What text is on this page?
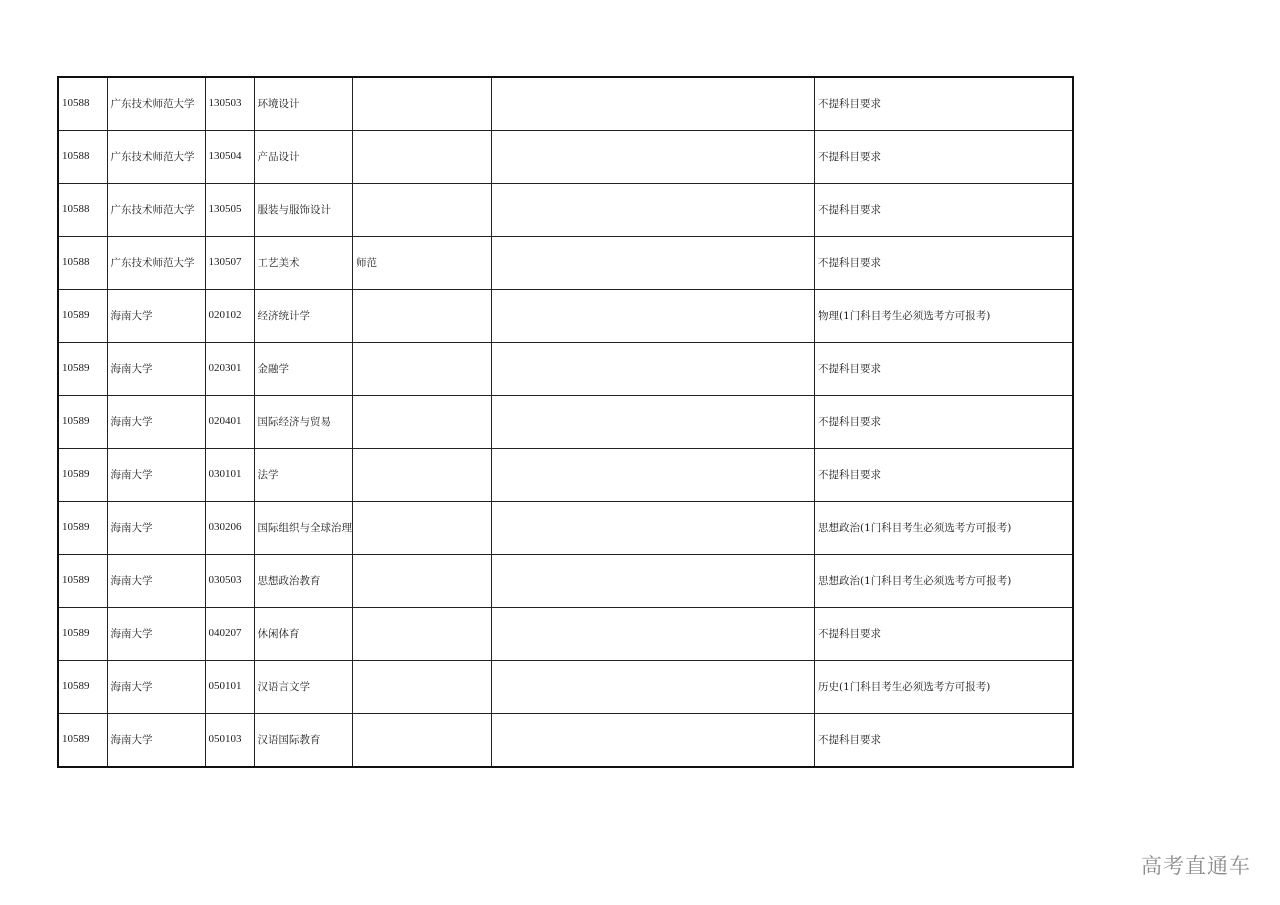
10588	广东技术师范大学	130503	环境设计			不提科目要求
10588	广东技术师范大学	130504	产品设计			不提科目要求
10588	广东技术师范大学	130505	服装与服饰设计			不提科目要求
10588	广东技术师范大学	130507	工艺美术	师范		不提科目要求
10589	海南大学	020102	经济统计学			物理(1门科目考生必须选考方可报考)
10589	海南大学	020301	金融学			不提科目要求
10589	海南大学	020401	国际经济与贸易			不提科目要求
10589	海南大学	030101	法学			不提科目要求
10589	海南大学	030206	国际组织与全球治理			思想政治(1门科目考生必须选考方可报考)
10589	海南大学	030503	思想政治教育			思想政治(1门科目考生必须选考方可报考)
10589	海南大学	040207	休闲体育			不提科目要求
10589	海南大学	050101	汉语言文学			历史(1门科目考生必须选考方可报考)
10589	海南大学	050103	汉语国际教育			不提科目要求
高考直通车
